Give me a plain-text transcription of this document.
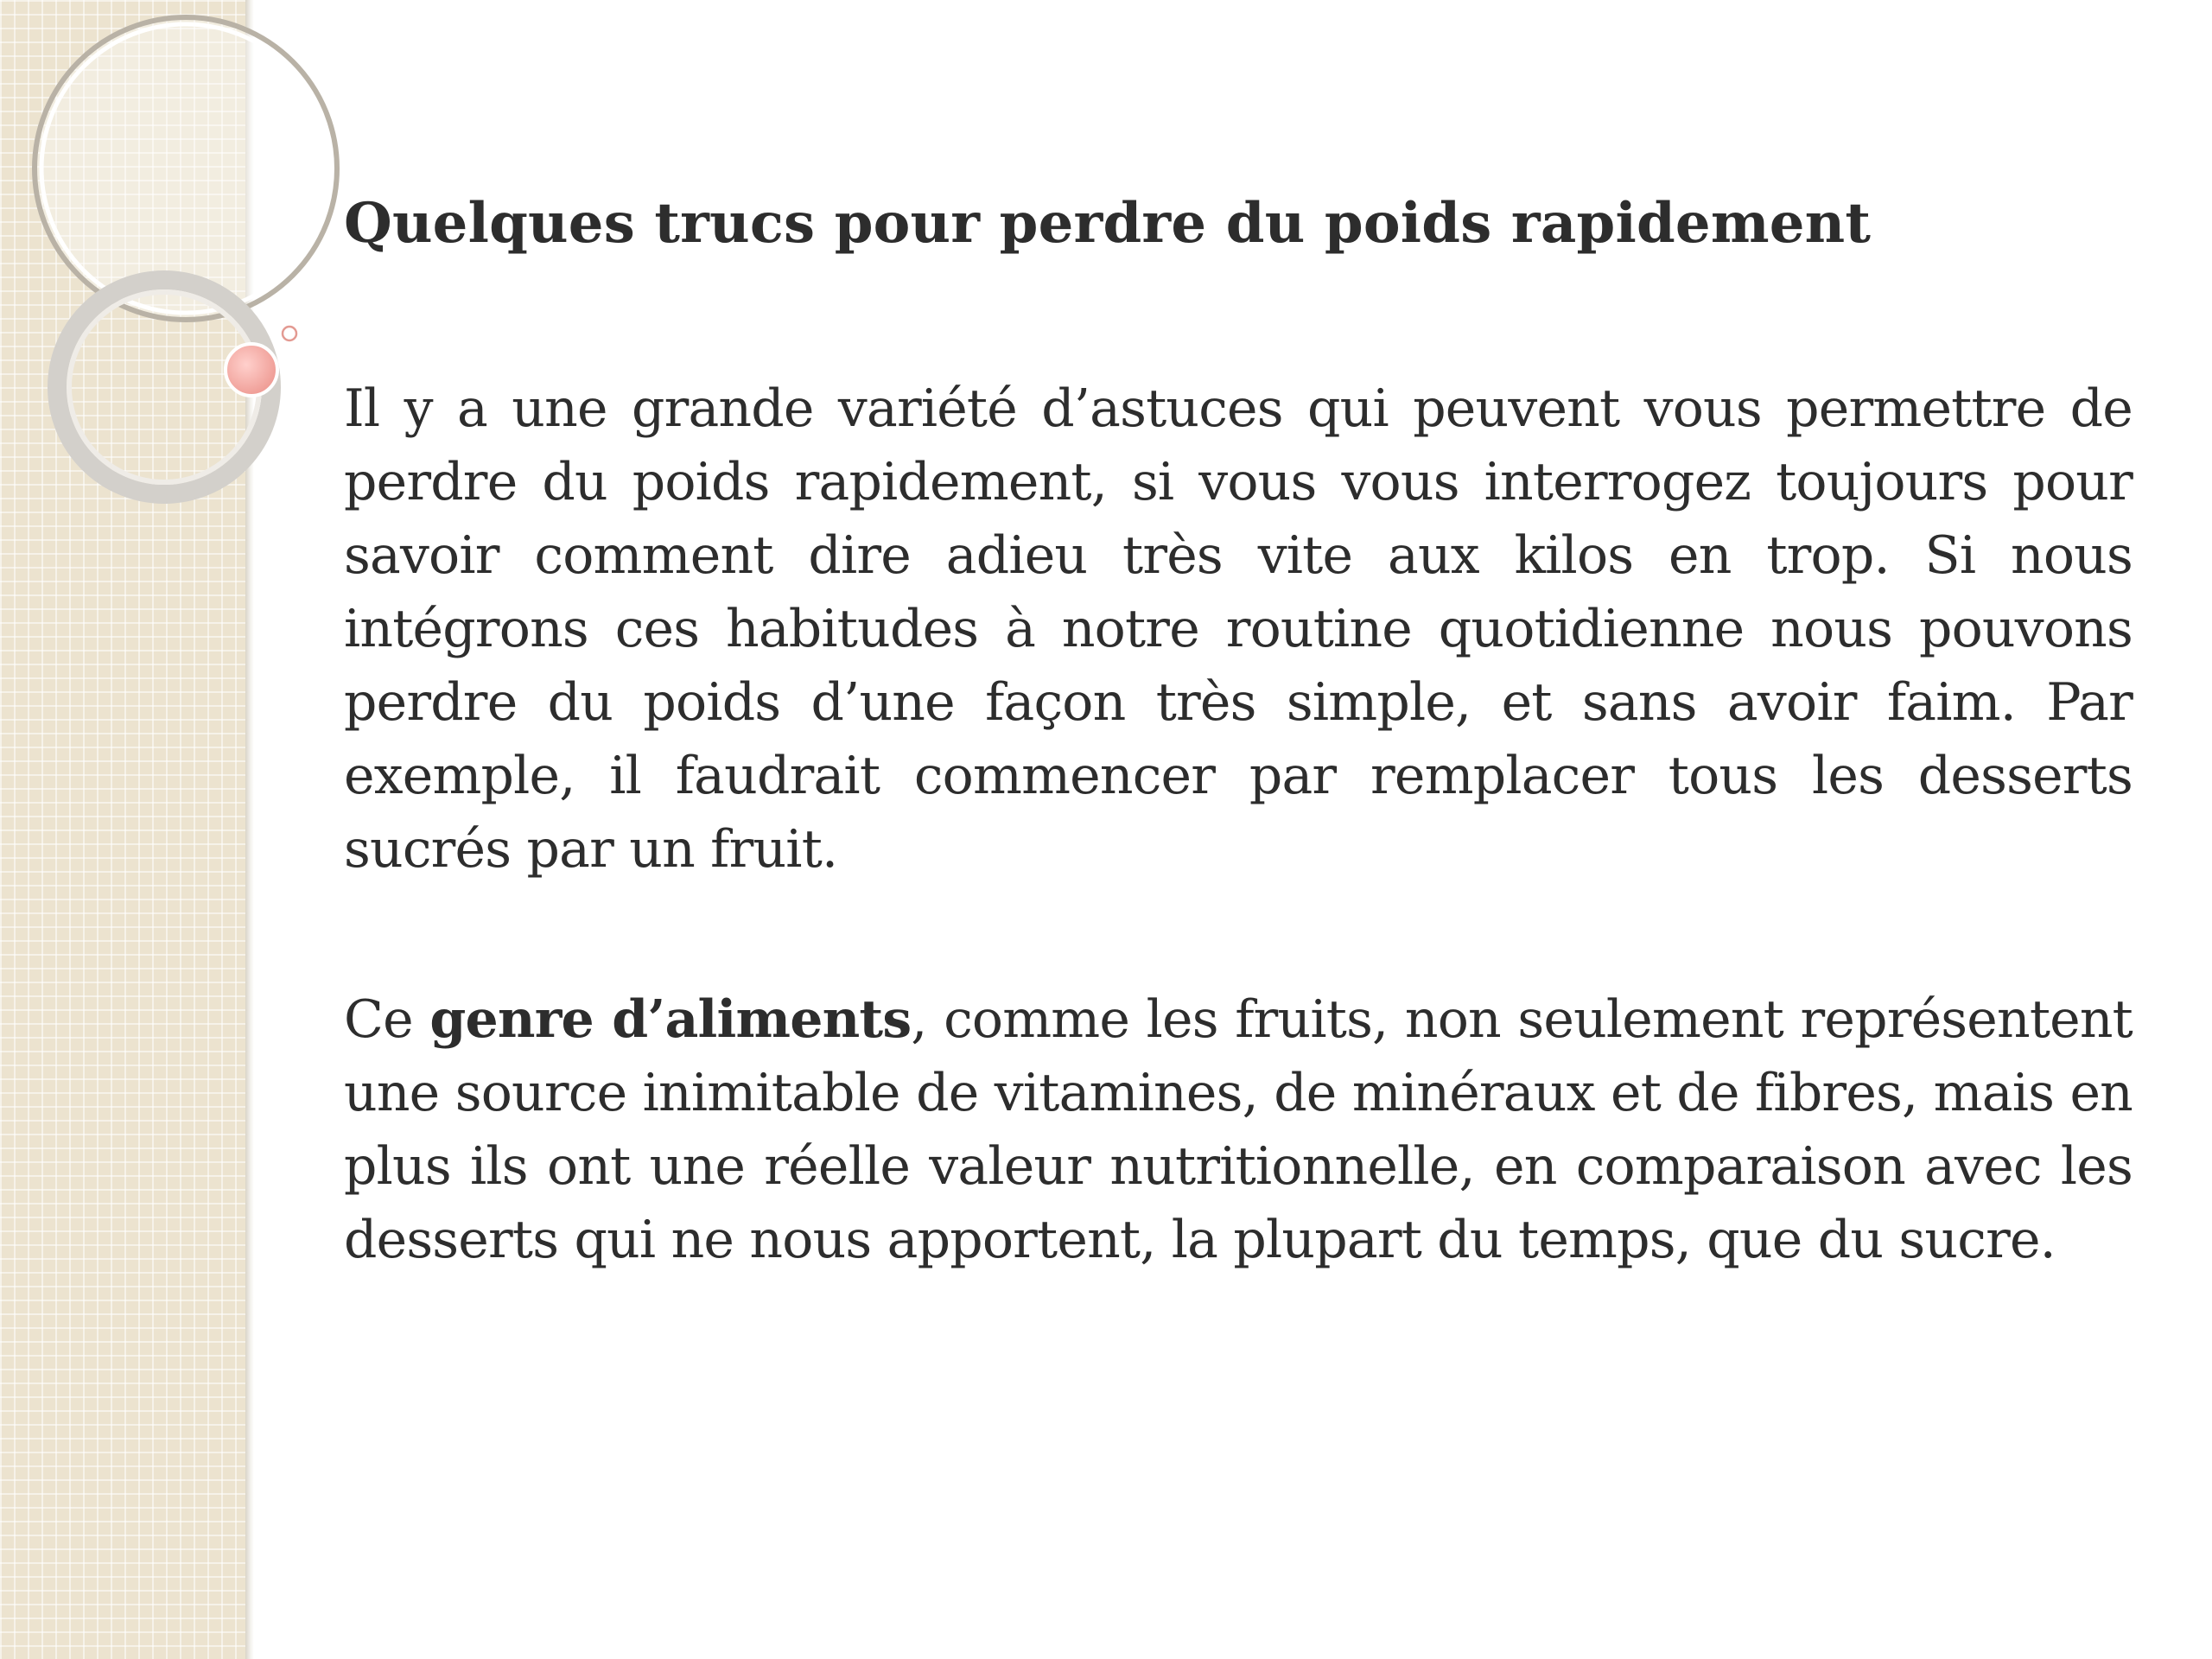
Quelques trucs pour perdre du poids rapidement

Il y a une grande variété d’astuces qui peuvent vous permettre de perdre du poids rapidement, si vous vous interrogez toujours pour savoir comment dire adieu très vite aux kilos en trop. Si nous intégrons ces habitudes à notre routine quotidienne nous pouvons perdre du poids d’une façon très simple, et sans avoir faim. Par exemple, il faudrait commencer par remplacer tous les desserts sucrés par un fruit.

Ce genre d’aliments, comme les fruits, non seulement représentent une source inimitable de vitamines, de minéraux et de fibres, mais en plus ils ont une réelle valeur nutritionnelle, en comparaison avec les desserts qui ne nous apportent, la plupart du temps, que du sucre.
